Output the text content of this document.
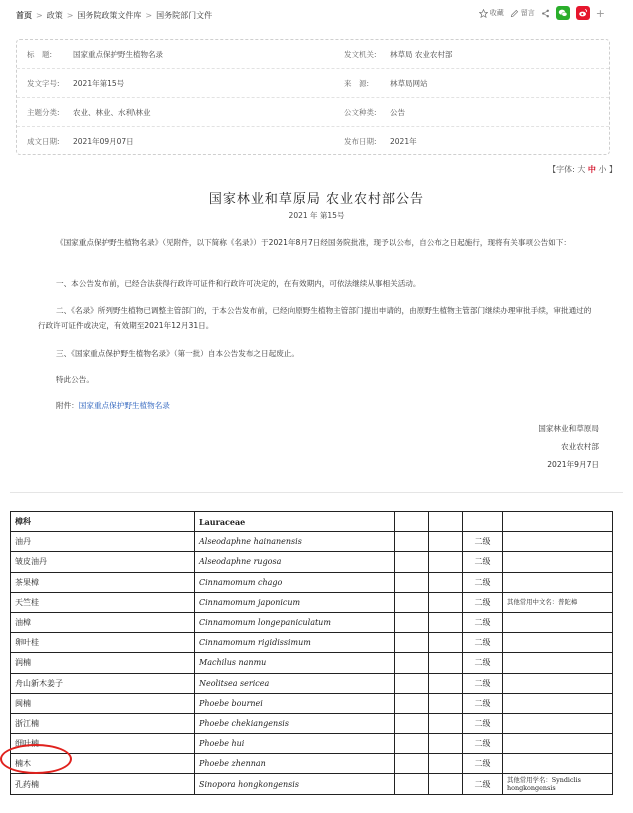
首页 > 政策 > 国务院政策文件库 > 国务院部门文件	收藏 留言	+
标　题:	国家重点保护野生植物名录	发文机关:	林草局 农业农村部
发文字号:	2021年第15号	来　源:	林草局网站
主题分类:	农业、林业、水利\林业	公文种类:	公告
成文日期:	2021年09月07日	发布日期:	2021年
【字体: 大 中 小 】
国家林业和草原局 农业农村部公告
2021 年 第15号
《国家重点保护野生植物名录》（见附件，以下简称《名录》）于2021年8月7日经国务院批准，现予以公布，自公布之日起施行，现将有关事项公告如下：
一、本公告发布前，已经合法获得行政许可证件和行政许可决定的，在有效期内，可依法继续从事相关活动。
二、《名录》所列野生植物已调整主管部门的，于本公告发布前，已经向原野生植物主管部门提出申请的，由原野生植物主管部门继续办理审批手续，审批通过的行政许可证件或决定，有效期至2021年12月31日。
三、《国家重点保护野生植物名录》（第一批）自本公告发布之日起废止。
特此公告。
附件：国家重点保护野生植物名录
国家林业和草原局
农业农村部
2021年9月7日
樟科	Lauraceae				
油丹	Alseodaphne hainanensis			二级	
皱皮油丹	Alseodaphne rugosa			二级	
茶果樟	Cinnamomum chago			二级	
天竺桂	Cinnamomum japonicum			二级	其他常用中文名：普陀樟
油樟	Cinnamomum longepaniculatum			二级	
卵叶桂	Cinnamomum rigidissimum			二级	
润楠	Machilus nanmu			二级	
舟山新木姜子	Neolitsea sericea			二级	
闽楠	Phoebe bournei			二级	
浙江楠	Phoebe chekiangensis			二级	
细叶楠	Phoebe hui			二级	
楠木	Phoebe zhennan			二级	
孔药楠	Sinopora hongkongensis			二级	其他常用学名：Syndiclis hongkongensis
